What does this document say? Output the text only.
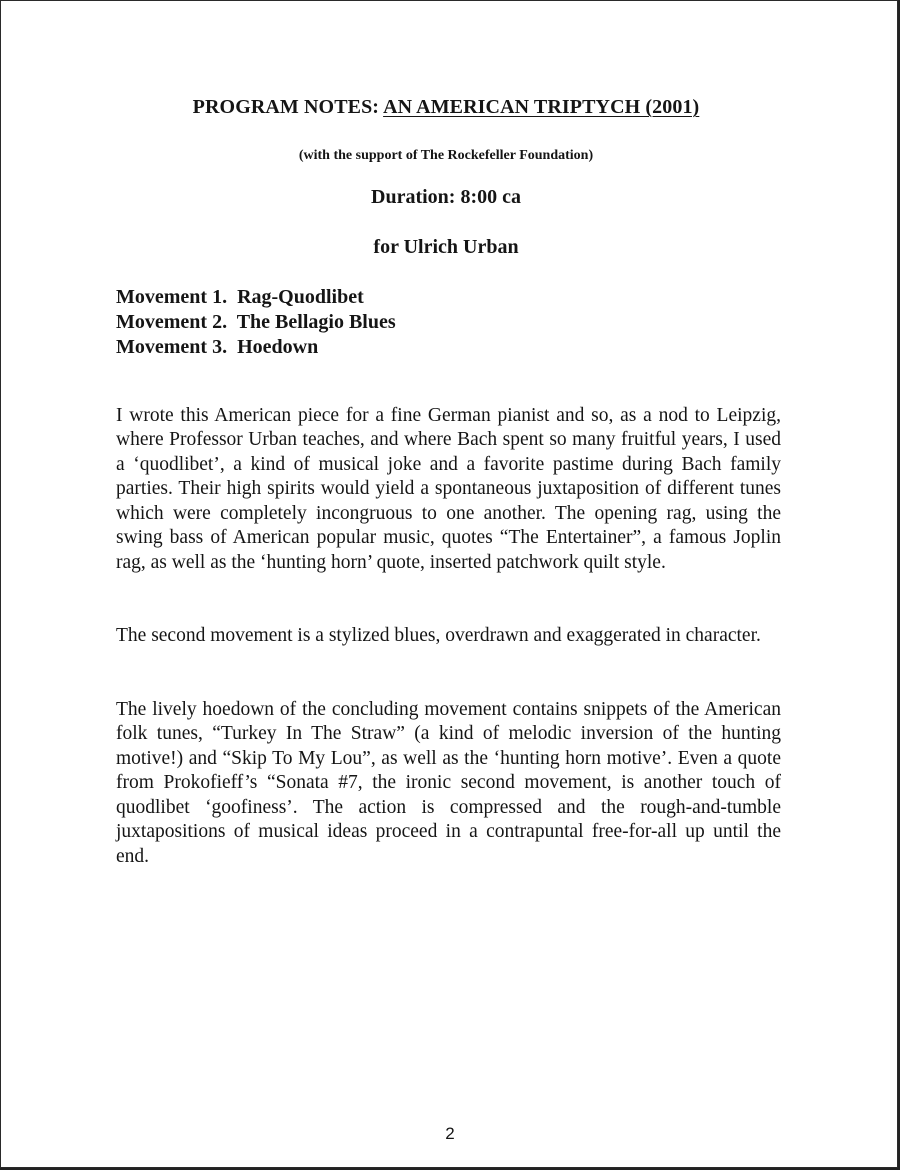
PROGRAM NOTES: AN AMERICAN TRIPTYCH (2001)
(with the support of The Rockefeller Foundation)
Duration: 8:00 ca
for Ulrich Urban
Movement 1. Rag-Quodlibet
Movement 2. The Bellagio Blues
Movement 3. Hoedown

I wrote this American piece for a fine German pianist and so, as a nod to Leipzig, where Professor Urban teaches, and where Bach spent so many fruitful years, I used a ‘quodlibet’, a kind of musical joke and a favorite pastime during Bach family parties. Their high spirits would yield a spontaneous juxtaposition of different tunes which were completely incongruous to one another. The opening rag, using the swing bass of American popular music, quotes “The Entertainer”, a famous Joplin rag, as well as the ‘hunting horn’ quote, inserted patchwork quilt style.

The second movement is a stylized blues, overdrawn and exaggerated in character.

The lively hoedown of the concluding movement contains snippets of the American folk tunes, “Turkey In The Straw” (a kind of melodic inversion of the hunting motive!) and “Skip To My Lou”, as well as the ‘hunting horn motive’. Even a quote from Prokofieff’s “Sonata #7, the ironic second movement, is another touch of quodlibet ‘goofiness’. The action is compressed and the rough-and-tumble juxtapositions of musical ideas proceed in a contrapuntal free-for-all up until the end.

2
